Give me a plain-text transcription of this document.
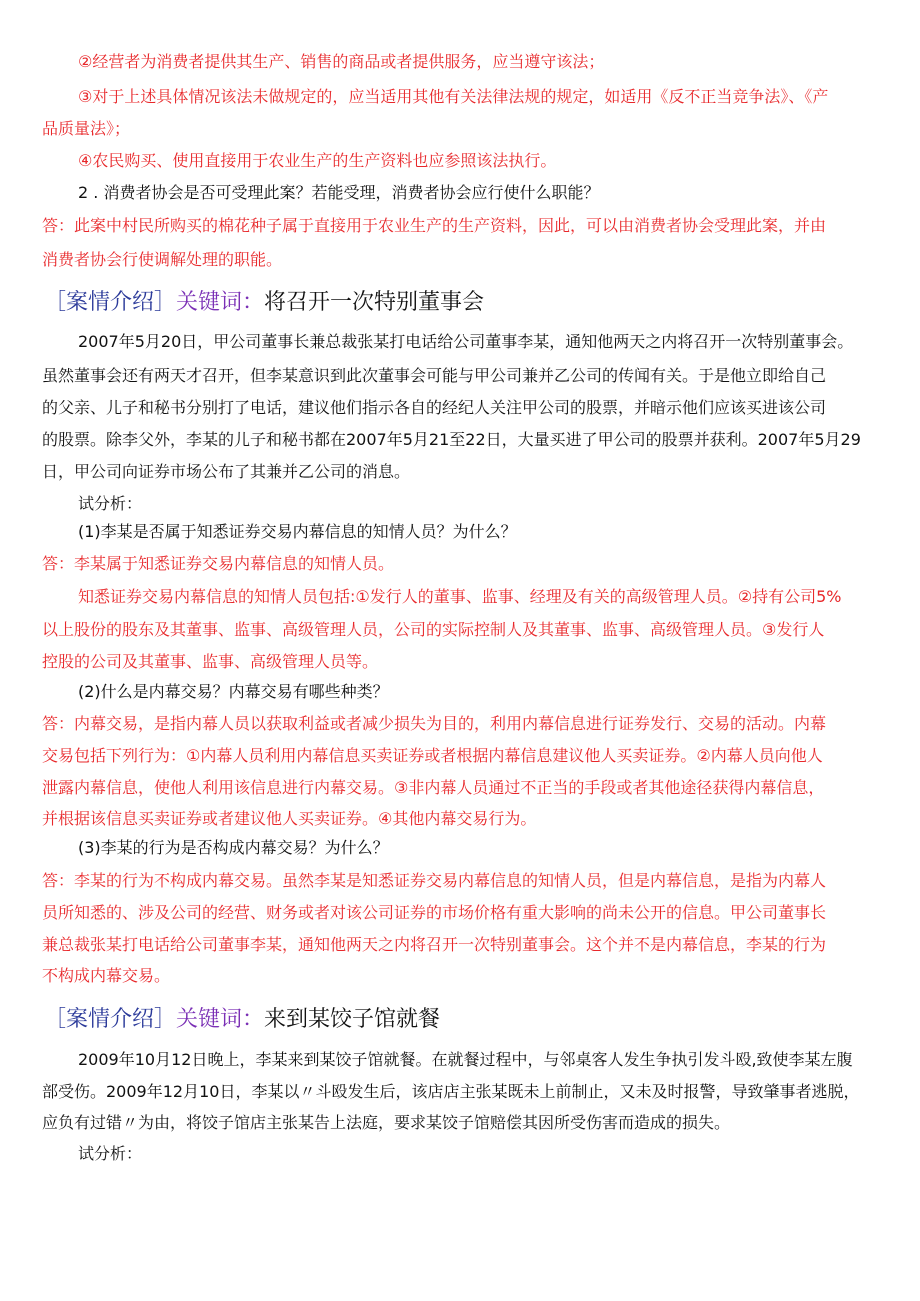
②经营者为消费者提供其生产、销售的商品或者提供服务，应当遵守该法；
③对于上述具体情况该法未做规定的，应当适用其他有关法律法规的规定，如适用《反不正当竞争法》、《产
品质量法》；
④农民购买、使用直接用于农业生产的生产资料也应参照该法执行。
2 . 消费者协会是否可受理此案？若能受理，消费者协会应行使什么职能？
答：此案中村民所购买的棉花种子属于直接用于农业生产的生产资料，因此，可以由消费者协会受理此案，并由
消费者协会行使调解处理的职能。
［案情介绍］关键词：将召开一次特别董事会
2007年5月20日，甲公司董事长兼总裁张某打电话给公司董事李某，通知他两天之内将召开一次特别董事会。
虽然董事会还有两天才召开，但李某意识到此次董事会可能与甲公司兼并乙公司的传闻有关。于是他立即给自己
的父亲、儿子和秘书分别打了电话，建议他们指示各自的经纪人关注甲公司的股票，并暗示他们应该买进该公司
的股票。除李父外，李某的儿子和秘书都在2007年5月21至22日，大量买进了甲公司的股票并获利。2007年5月29
日，甲公司向证券市场公布了其兼并乙公司的消息。
试分析：
(1)李某是否属于知悉证券交易内幕信息的知情人员？为什么？
答：李某属于知悉证券交易内幕信息的知情人员。
知悉证券交易内幕信息的知情人员包括:①发行人的董事、监事、经理及有关的高级管理人员。②持有公司5%
以上股份的股东及其董事、监事、高级管理人员，公司的实际控制人及其董事、监事、高级管理人员。③发行人
控股的公司及其董事、监事、高级管理人员等。
(2)什么是内幕交易？内幕交易有哪些种类？
答：内幕交易，是指内幕人员以获取利益或者减少损失为目的，利用内幕信息进行证券发行、交易的活动。内幕
交易包括下列行为：①内幕人员利用内幕信息买卖证券或者根据内幕信息建议他人买卖证券。②内幕人员向他人
泄露内幕信息，使他人利用该信息进行内幕交易。③非内幕人员通过不正当的手段或者其他途径获得内幕信息，
并根据该信息买卖证券或者建议他人买卖证券。④其他内幕交易行为。
(3)李某的行为是否构成内幕交易？为什么？
答：李某的行为不构成内幕交易。虽然李某是知悉证券交易内幕信息的知情人员，但是内幕信息，是指为内幕人
员所知悉的、涉及公司的经营、财务或者对该公司证券的市场价格有重大影响的尚未公开的信息。甲公司董事长
兼总裁张某打电话给公司董事李某，通知他两天之内将召开一次特别董事会。这个并不是内幕信息，李某的行为
不构成内幕交易。
［案情介绍］关键词：来到某饺子馆就餐
2009年10月12日晚上，李某来到某饺子馆就餐。在就餐过程中，与邻桌客人发生争执引发斗殴,致使李某左腹
部受伤。2009年12月10日，李某以〃斗殴发生后，该店店主张某既未上前制止，又未及时报警，导致肇事者逃脱，
应负有过错〃为由，将饺子馆店主张某告上法庭，要求某饺子馆赔偿其因所受伤害而造成的损失。
试分析：
